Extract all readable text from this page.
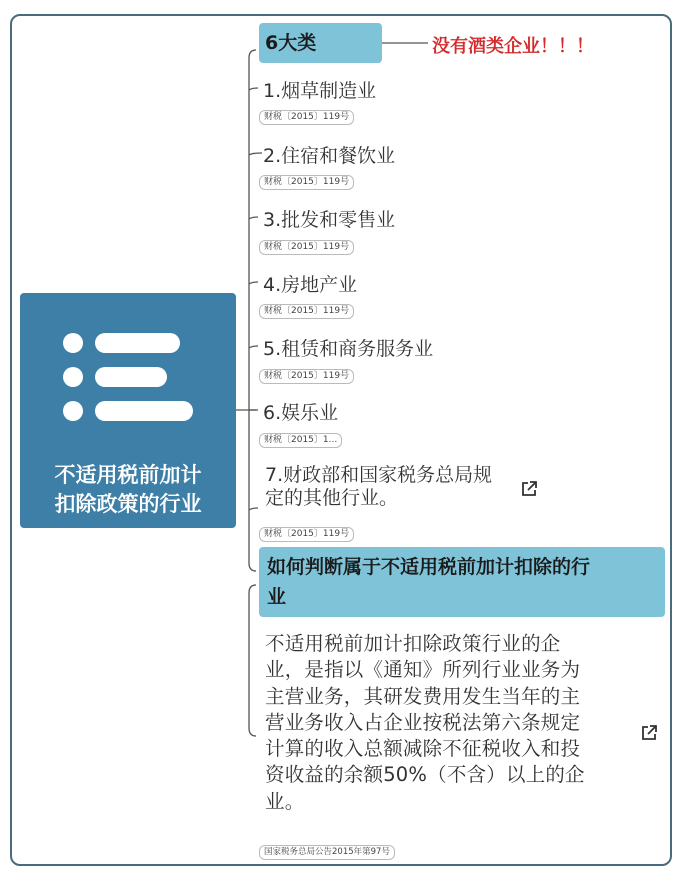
不适用税前加计
扣除政策的行业
6大类	没有酒类企业！！！
1.烟草制造业
财税〔2015〕119号
2.住宿和餐饮业
财税〔2015〕119号
3.批发和零售业
财税〔2015〕119号
4.房地产业
财税〔2015〕119号
5.租赁和商务服务业
财税〔2015〕119号
6.娱乐业
财税〔2015〕1...
7.财政部和国家税务总局规
定的其他行业。
财税〔2015〕119号
如何判断属于不适用税前加计扣除的行
业
不适用税前加计扣除政策行业的企
业，是指以《通知》所列行业业务为
主营业务，其研发费用发生当年的主
营业务收入占企业按税法第六条规定
计算的收入总额减除不征税收入和投
资收益的余额50%（不含）以上的企
业。
国家税务总局公告2015年第97号
